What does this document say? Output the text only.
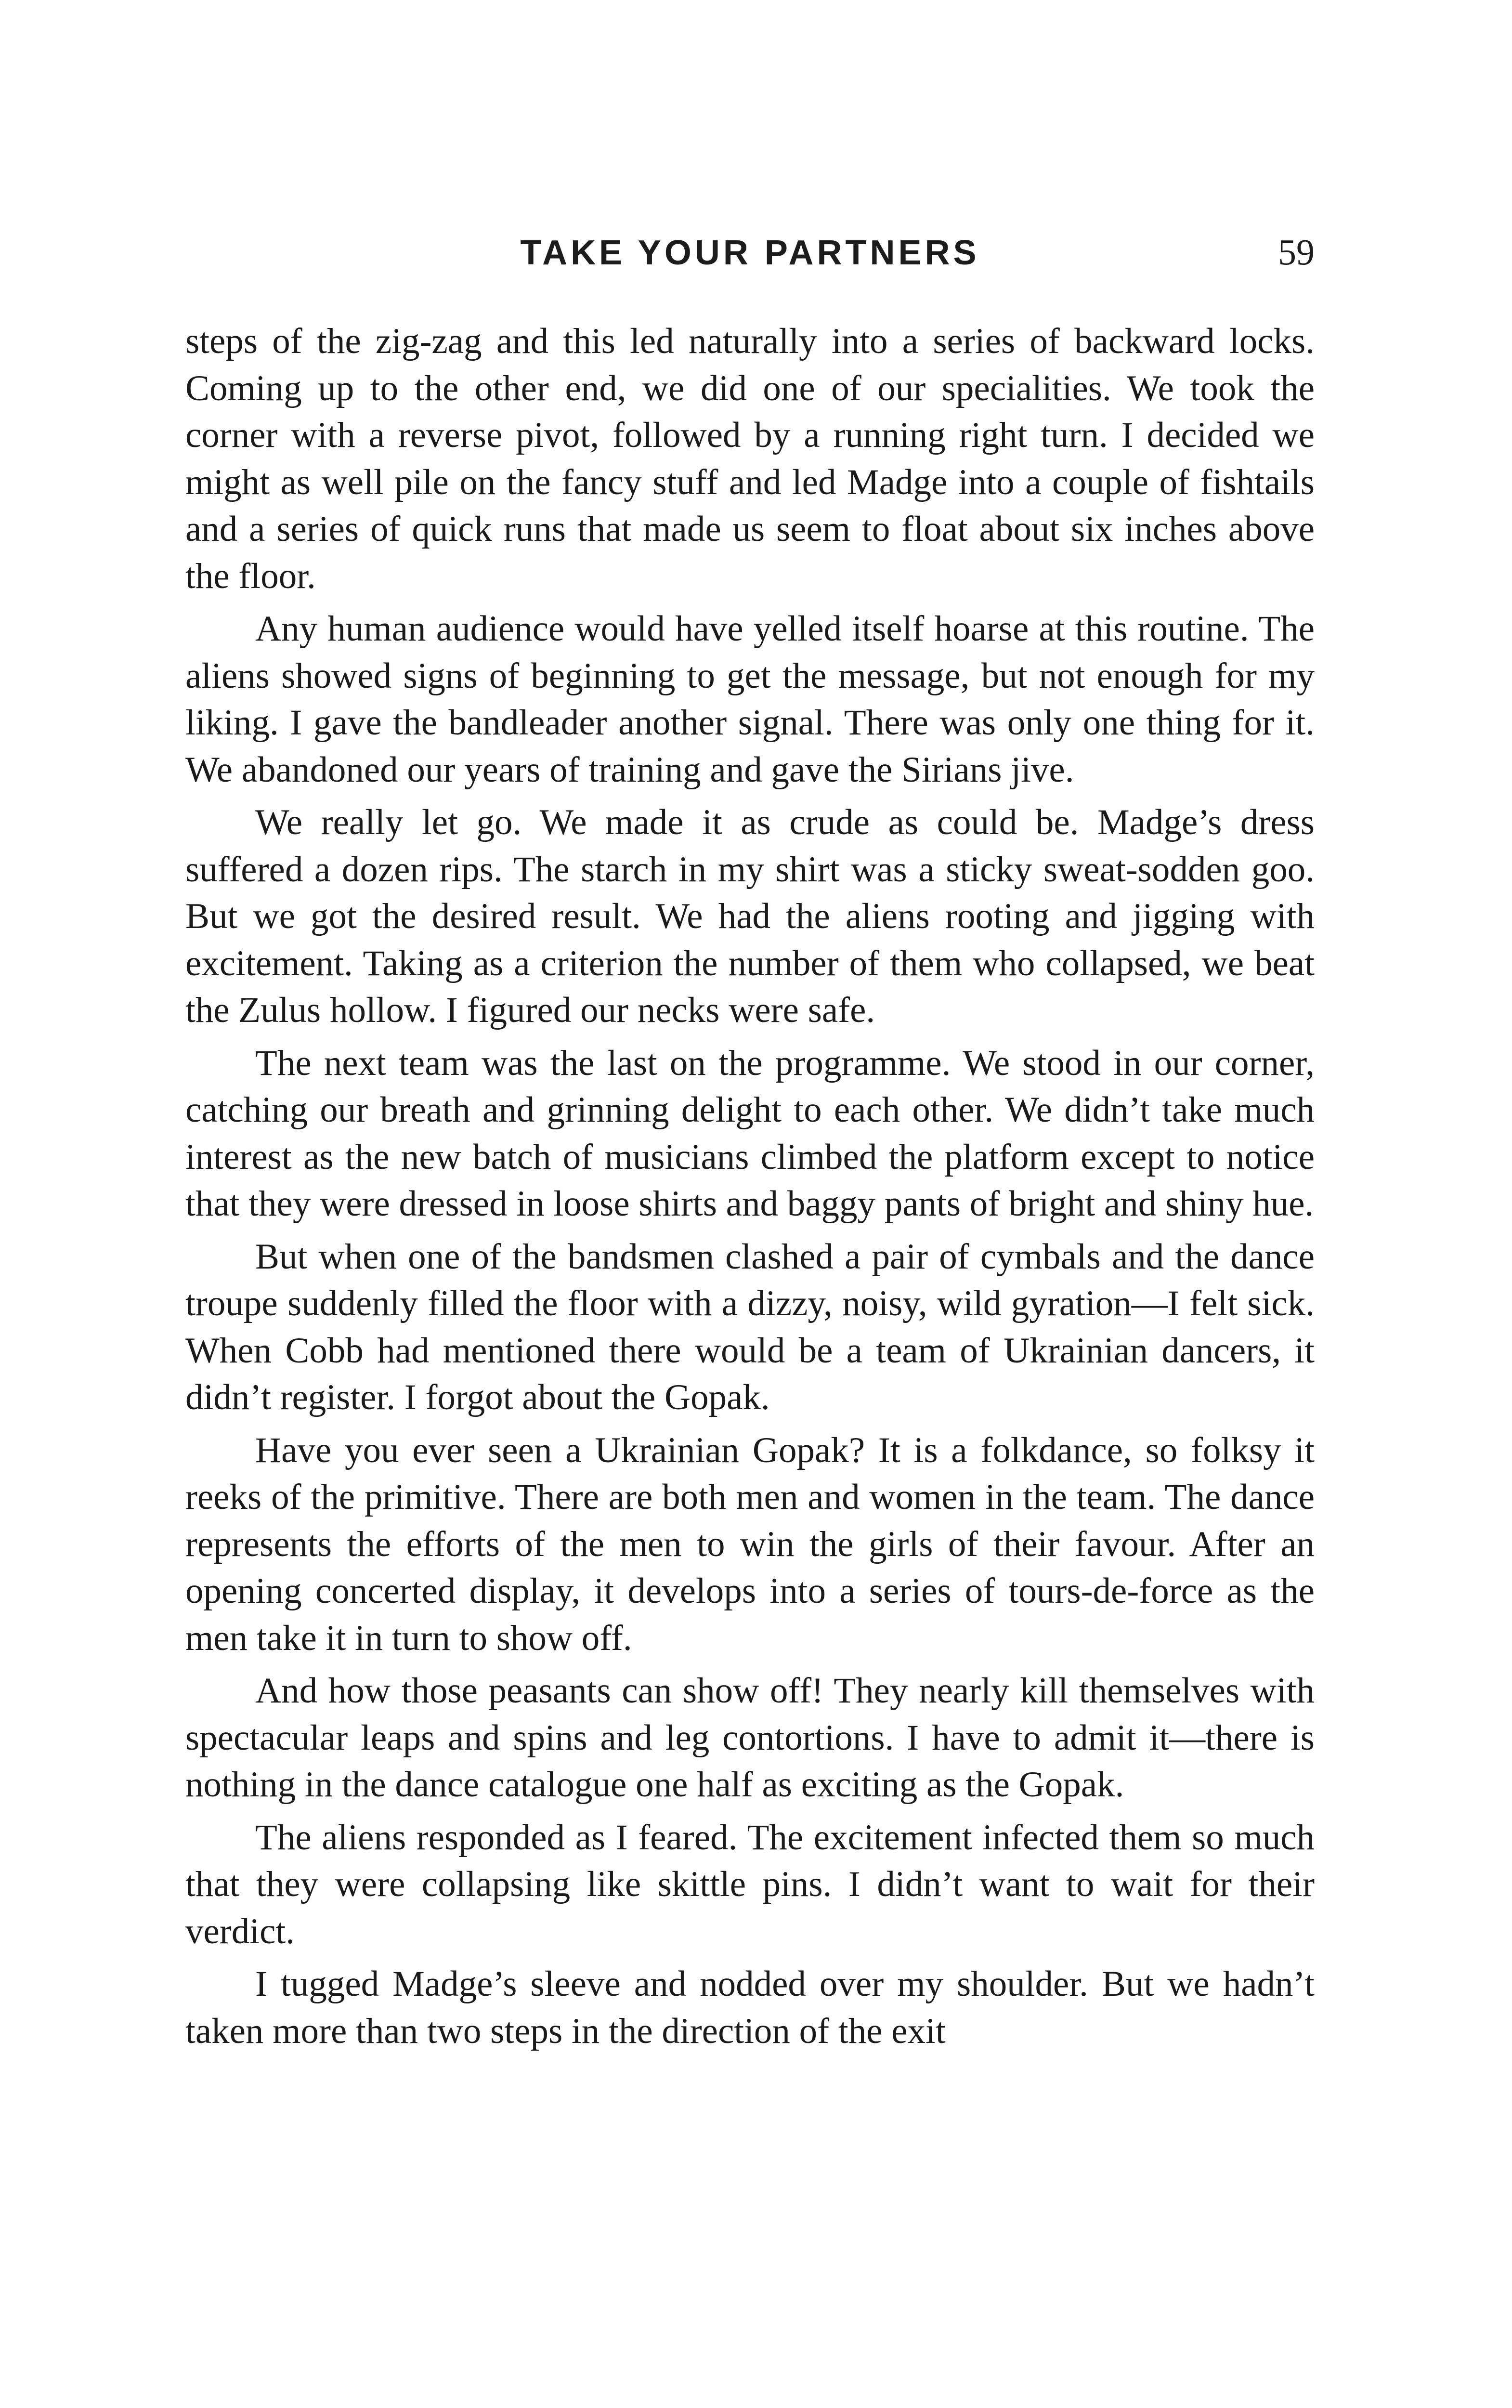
TAKE YOUR PARTNERS	59

steps of the zig-zag and this led naturally into a series of backward locks. Coming up to the other end, we did one of our specialities. We took the corner with a reverse pivot, followed by a running right turn. I decided we might as well pile on the fancy stuff and led Madge into a couple of fishtails and a series of quick runs that made us seem to float about six inches above the floor.

Any human audience would have yelled itself hoarse at this routine. The aliens showed signs of beginning to get the message, but not enough for my liking. I gave the bandleader another signal. There was only one thing for it. We abandoned our years of training and gave the Sirians jive.

We really let go. We made it as crude as could be. Madge’s dress suffered a dozen rips. The starch in my shirt was a sticky sweat-sodden goo. But we got the desired result. We had the aliens rooting and jigging with excitement. Taking as a criterion the number of them who collapsed, we beat the Zulus hollow. I figured our necks were safe.

The next team was the last on the programme. We stood in our corner, catching our breath and grinning delight to each other. We didn’t take much interest as the new batch of musicians climbed the platform except to notice that they were dressed in loose shirts and baggy pants of bright and shiny hue.

But when one of the bandsmen clashed a pair of cymbals and the dance troupe suddenly filled the floor with a dizzy, noisy, wild gyration—I felt sick. When Cobb had mentioned there would be a team of Ukrainian dancers, it didn’t register. I forgot about the Gopak.

Have you ever seen a Ukrainian Gopak? It is a folkdance, so folksy it reeks of the primitive. There are both men and women in the team. The dance represents the efforts of the men to win the girls of their favour. After an opening concerted display, it develops into a series of tours-de-force as the men take it in turn to show off.

And how those peasants can show off! They nearly kill themselves with spectacular leaps and spins and leg contortions. I have to admit it—there is nothing in the dance catalogue one half as exciting as the Gopak.

The aliens responded as I feared. The excitement infected them so much that they were collapsing like skittle pins. I didn’t want to wait for their verdict.

I tugged Madge’s sleeve and nodded over my shoulder. But we hadn’t taken more than two steps in the direction of the exit
